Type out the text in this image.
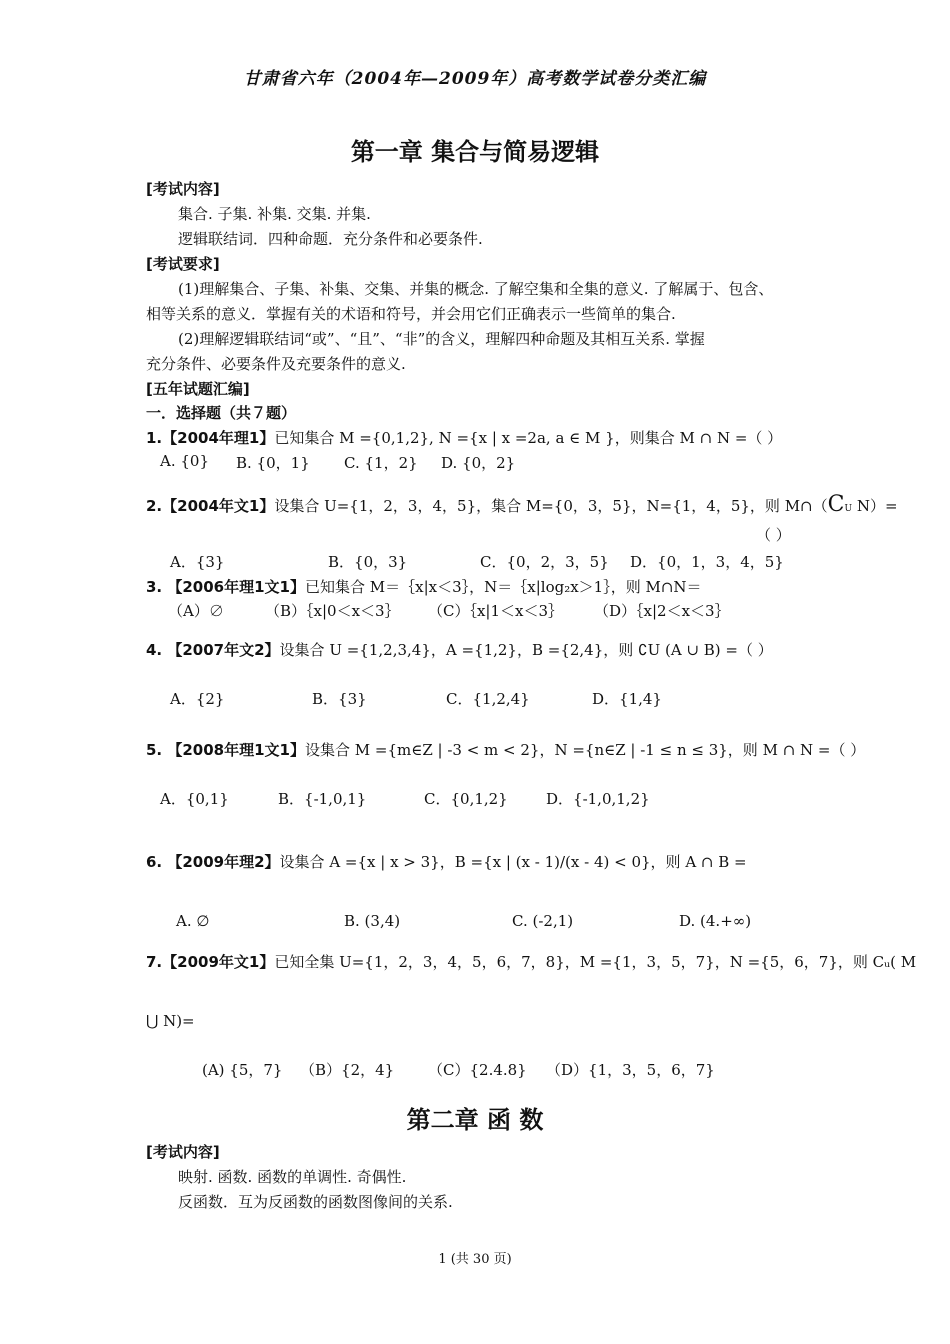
甘肃省六年（2004年—2009年）高考数学试卷分类汇编
第一章 集合与简易逻辑
[考试内容]
集合. 子集. 补集. 交集. 并集.
逻辑联结词．四种命题．充分条件和必要条件.
[考试要求]
(1)理解集合、子集、补集、交集、并集的概念. 了解空集和全集的意义. 了解属于、包含、
相等关系的意义．掌握有关的术语和符号，并会用它们正确表示一些简单的集合.
(2)理解逻辑联结词“或”、“且”、“非”的含义，理解四种命题及其相互关系. 掌握
充分条件、必要条件及充要条件的意义.
[五年试题汇编]
一．选择题（共７题）
1.【2004年理1】已知集合 M ={0,1,2}, N ={x | x =2a, a ∈ M }，则集合 M ∩ N =（ ）
A. {0} B. {0，1} C. {1，2} D. {0，2}
2.【2004年文1】设集合 U={1，2，3，4，5}，集合 M={0，3，5}，N={1，4，5}，则 M∩（CU N）=
（ ）
A．{3}	B．{0，3}	C．{0，2，3，5} D．{0，1，3，4，5}
3. 【2006年理1文1】已知集合 M＝｛x|x＜3｝，N＝｛x|log₂x＞1｝，则 M∩N＝
（A）∅	（B）｛x|0＜x＜3｝ （C）｛x|1＜x＜3｝ （D）｛x|2＜x＜3｝
4. 【2007年文2】设集合 U ={1,2,3,4}，A ={1,2}，B ={2,4}，则 ∁U (A ∪ B) =（ ）
A．{2}	B．{3}	C．{1,2,4}	D．{1,4}
5. 【2008年理1文1】设集合 M ={m∈Z | -3 < m < 2}，N ={n∈Z | -1 ≤ n ≤ 3}，则 M ∩ N =（ ）
A．{0,1}	B．{-1,0,1}	C．{0,1,2}	D．{-1,0,1,2}
6. 【2009年理2】设集合 A ={x | x > 3}，B ={x | (x - 1)/(x - 4) < 0}，则 A ∩ B =
A. ∅	B. (3,4)	C. (-2,1)	D. (4.+∞)
7.【2009年文1】已知全集 U={1，2，3，4，5，6，7，8}，M ={1，3，5，7}，N ={5，6，7}，则 Cᵤ( M
⋃ N)=
(A) {5，7} （B）{2，4} （C）{2.4.8} （D）{1，3，5，6，7}
第二章 函 数
[考试内容]
映射. 函数. 函数的单调性. 奇偶性.
反函数．互为反函数的函数图像间的关系.
1 (共 30 页)
